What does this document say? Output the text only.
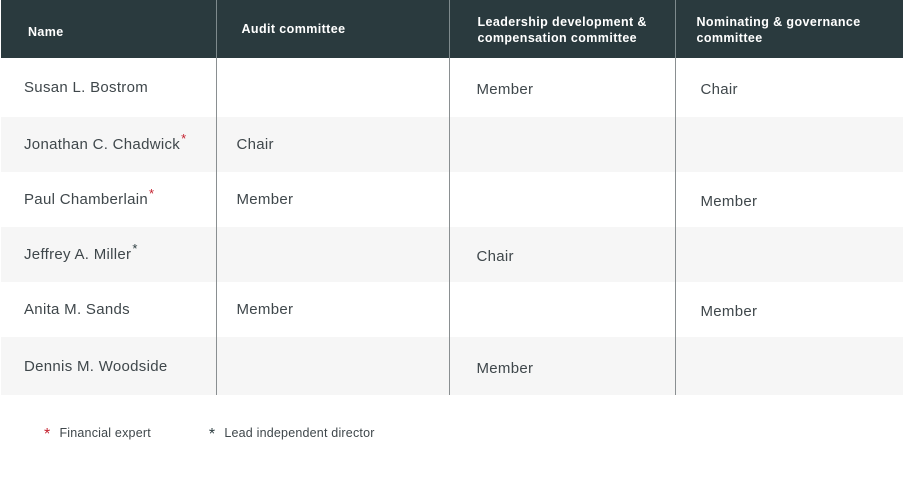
Name	Audit committee	Leadership development &
compensation committee	Nominating & governance
committee
Susan L. Bostrom		Member	Chair
Jonathan C. Chadwick*	Chair		
Paul Chamberlain*	Member		Member
Jeffrey A. Miller*		Chair	
Anita M. Sands	Member		Member
Dennis M. Woodside		Member	
* Financial expert	* Lead independent director
